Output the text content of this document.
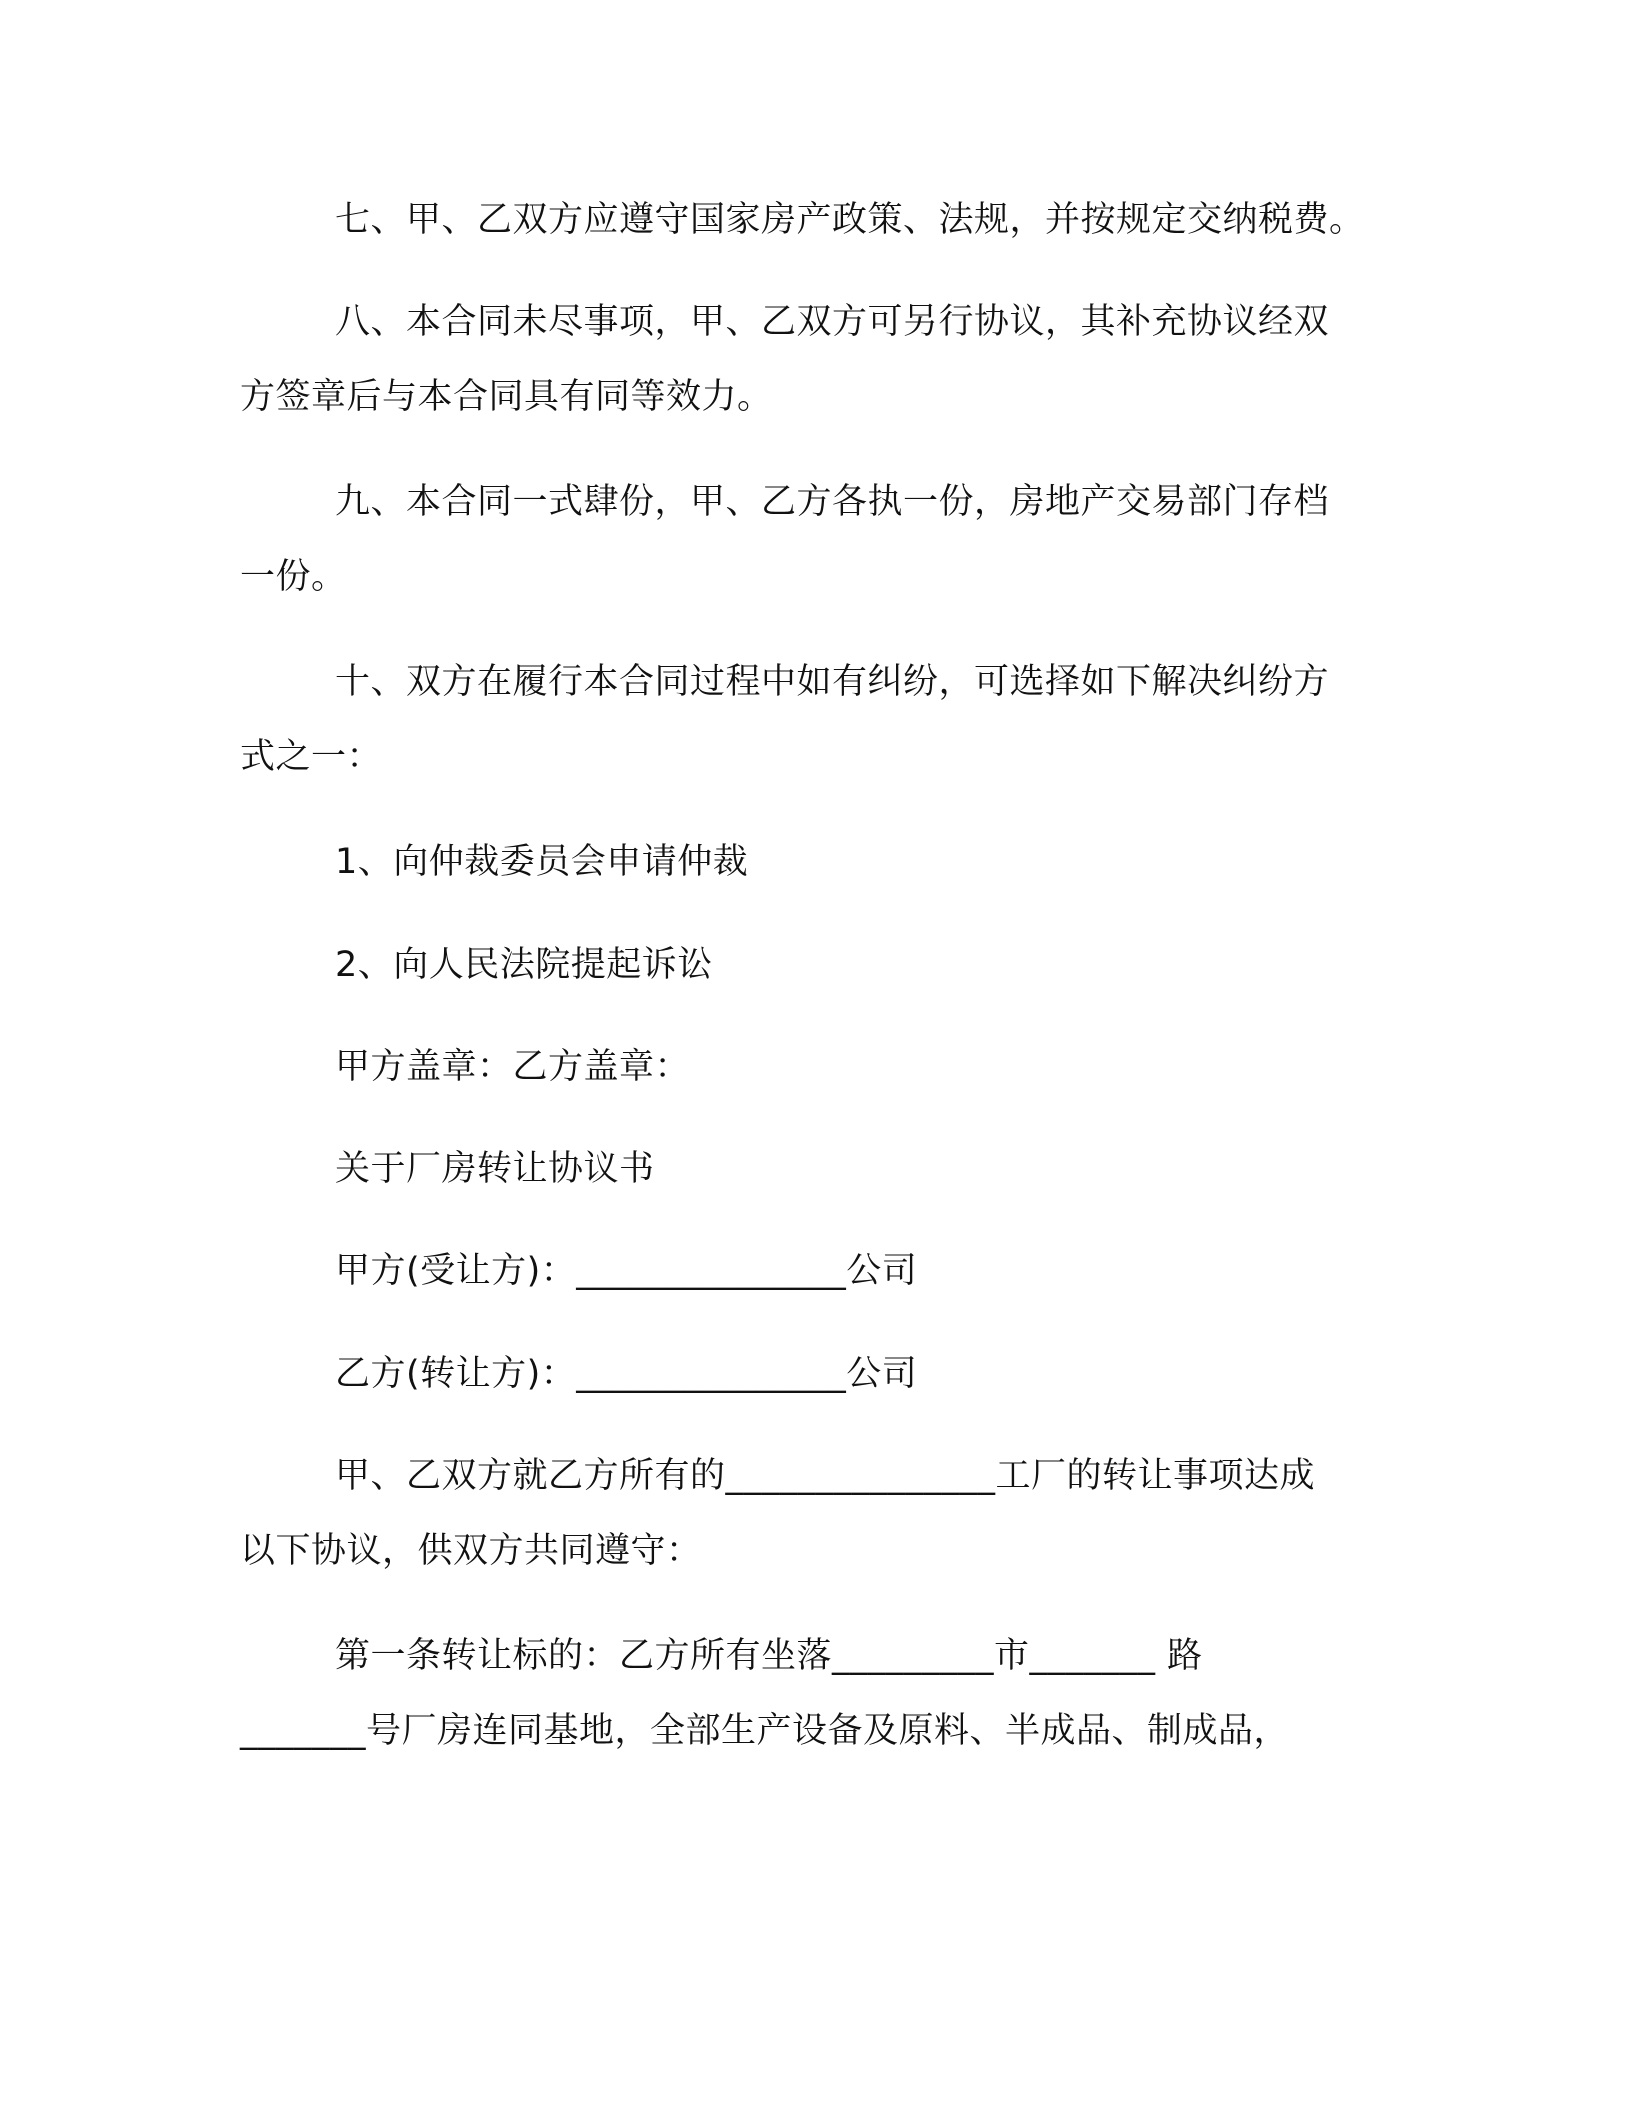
七、甲、乙双方应遵守国家房产政策、法规，并按规定交纳税费。
八、本合同未尽事项，甲、乙双方可另行协议，其补充协议经双
方签章后与本合同具有同等效力。
九、本合同一式肆份，甲、乙方各执一份，房地产交易部门存档
一份。
十、双方在履行本合同过程中如有纠纷，可选择如下解决纠纷方
式之一：
1、向仲裁委员会申请仲裁
2、向人民法院提起诉讼
甲方盖章：乙方盖章：
关于厂房转让协议书
甲方(受让方)：_______________公司
乙方(转让方)：_______________公司
甲、乙双方就乙方所有的_______________工厂的转让事项达成
以下协议，供双方共同遵守：
第一条转让标的：乙方所有坐落_________市_______ 路
_______号厂房连同基地，全部生产设备及原料、半成品、制成品，
